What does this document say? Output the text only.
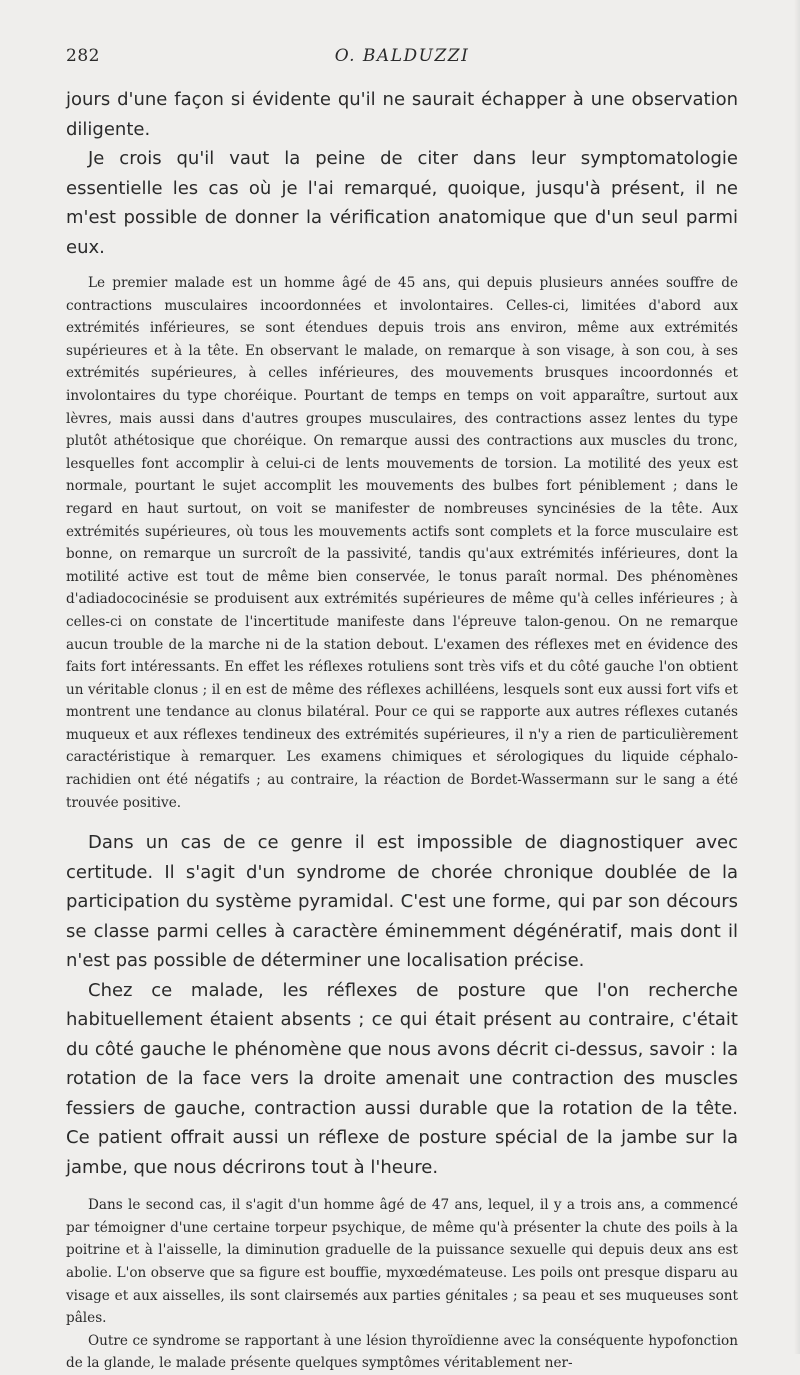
282	O. BALDUZZI

jours d'une façon si évidente qu'il ne saurait échapper à une observation diligente.

Je crois qu'il vaut la peine de citer dans leur symptomatologie essentielle les cas où je l'ai remarqué, quoique, jusqu'à présent, il ne m'est possible de donner la vérification anatomique que d'un seul parmi eux.

Le premier malade est un homme âgé de 45 ans, qui depuis plusieurs années souffre de contractions musculaires incoordonnées et involontaires. Celles-ci, limitées d'abord aux extrémités inférieures, se sont étendues depuis trois ans environ, même aux extrémités supérieures et à la tête. En observant le malade, on remarque à son visage, à son cou, à ses extrémités supérieures, à celles inférieures, des mouvements brusques incoordonnés et involontaires du type choréique. Pourtant de temps en temps on voit apparaître, surtout aux lèvres, mais aussi dans d'autres groupes musculaires, des contractions assez lentes du type plutôt athétosique que choréique. On remarque aussi des contractions aux muscles du tronc, lesquelles font accomplir à celui-ci de lents mouvements de torsion. La motilité des yeux est normale, pourtant le sujet accomplit les mouvements des bulbes fort péniblement ; dans le regard en haut surtout, on voit se manifester de nombreuses syncinésies de la tête. Aux extrémités supérieures, où tous les mouvements actifs sont complets et la force musculaire est bonne, on remarque un surcroît de la passivité, tandis qu'aux extrémités inférieures, dont la motilité active est tout de même bien conservée, le tonus paraît normal. Des phénomènes d'adiadococinésie se produisent aux extrémités supérieures de même qu'à celles inférieures ; à celles-ci on constate de l'incertitude manifeste dans l'épreuve talon-genou. On ne remarque aucun trouble de la marche ni de la station debout. L'examen des réflexes met en évidence des faits fort intéressants. En effet les réflexes rotuliens sont très vifs et du côté gauche l'on obtient un véritable clonus ; il en est de même des réflexes achilléens, lesquels sont eux aussi fort vifs et montrent une tendance au clonus bilatéral. Pour ce qui se rapporte aux autres réflexes cutanés muqueux et aux réflexes tendineux des extrémités supérieures, il n'y a rien de particulièrement caractéristique à remarquer. Les examens chimiques et sérologiques du liquide céphalo-rachidien ont été négatifs ; au contraire, la réaction de Bordet-Wassermann sur le sang a été trouvée positive.

Dans un cas de ce genre il est impossible de diagnostiquer avec certitude. Il s'agit d'un syndrome de chorée chronique doublée de la participation du système pyramidal. C'est une forme, qui par son décours se classe parmi celles à caractère éminemment dégénératif, mais dont il n'est pas possible de déterminer une localisation précise.

Chez ce malade, les réflexes de posture que l'on recherche habituellement étaient absents ; ce qui était présent au contraire, c'était du côté gauche le phénomène que nous avons décrit ci-dessus, savoir : la rotation de la face vers la droite amenait une contraction des muscles fessiers de gauche, contraction aussi durable que la rotation de la tête. Ce patient offrait aussi un réflexe de posture spécial de la jambe sur la jambe, que nous décrirons tout à l'heure.

Dans le second cas, il s'agit d'un homme âgé de 47 ans, lequel, il y a trois ans, a commencé par témoigner d'une certaine torpeur psychique, de même qu'à présenter la chute des poils à la poitrine et à l'aisselle, la diminution graduelle de la puissance sexuelle qui depuis deux ans est abolie. L'on observe que sa figure est bouffie, myxœdémateuse. Les poils ont presque disparu au visage et aux aisselles, ils sont clairsemés aux parties génitales ; sa peau et ses muqueuses sont pâles.

Outre ce syndrome se rapportant à une lésion thyroïdienne avec la conséquente hypofonction de la glande, le malade présente quelques symptômes véritablement ner-
